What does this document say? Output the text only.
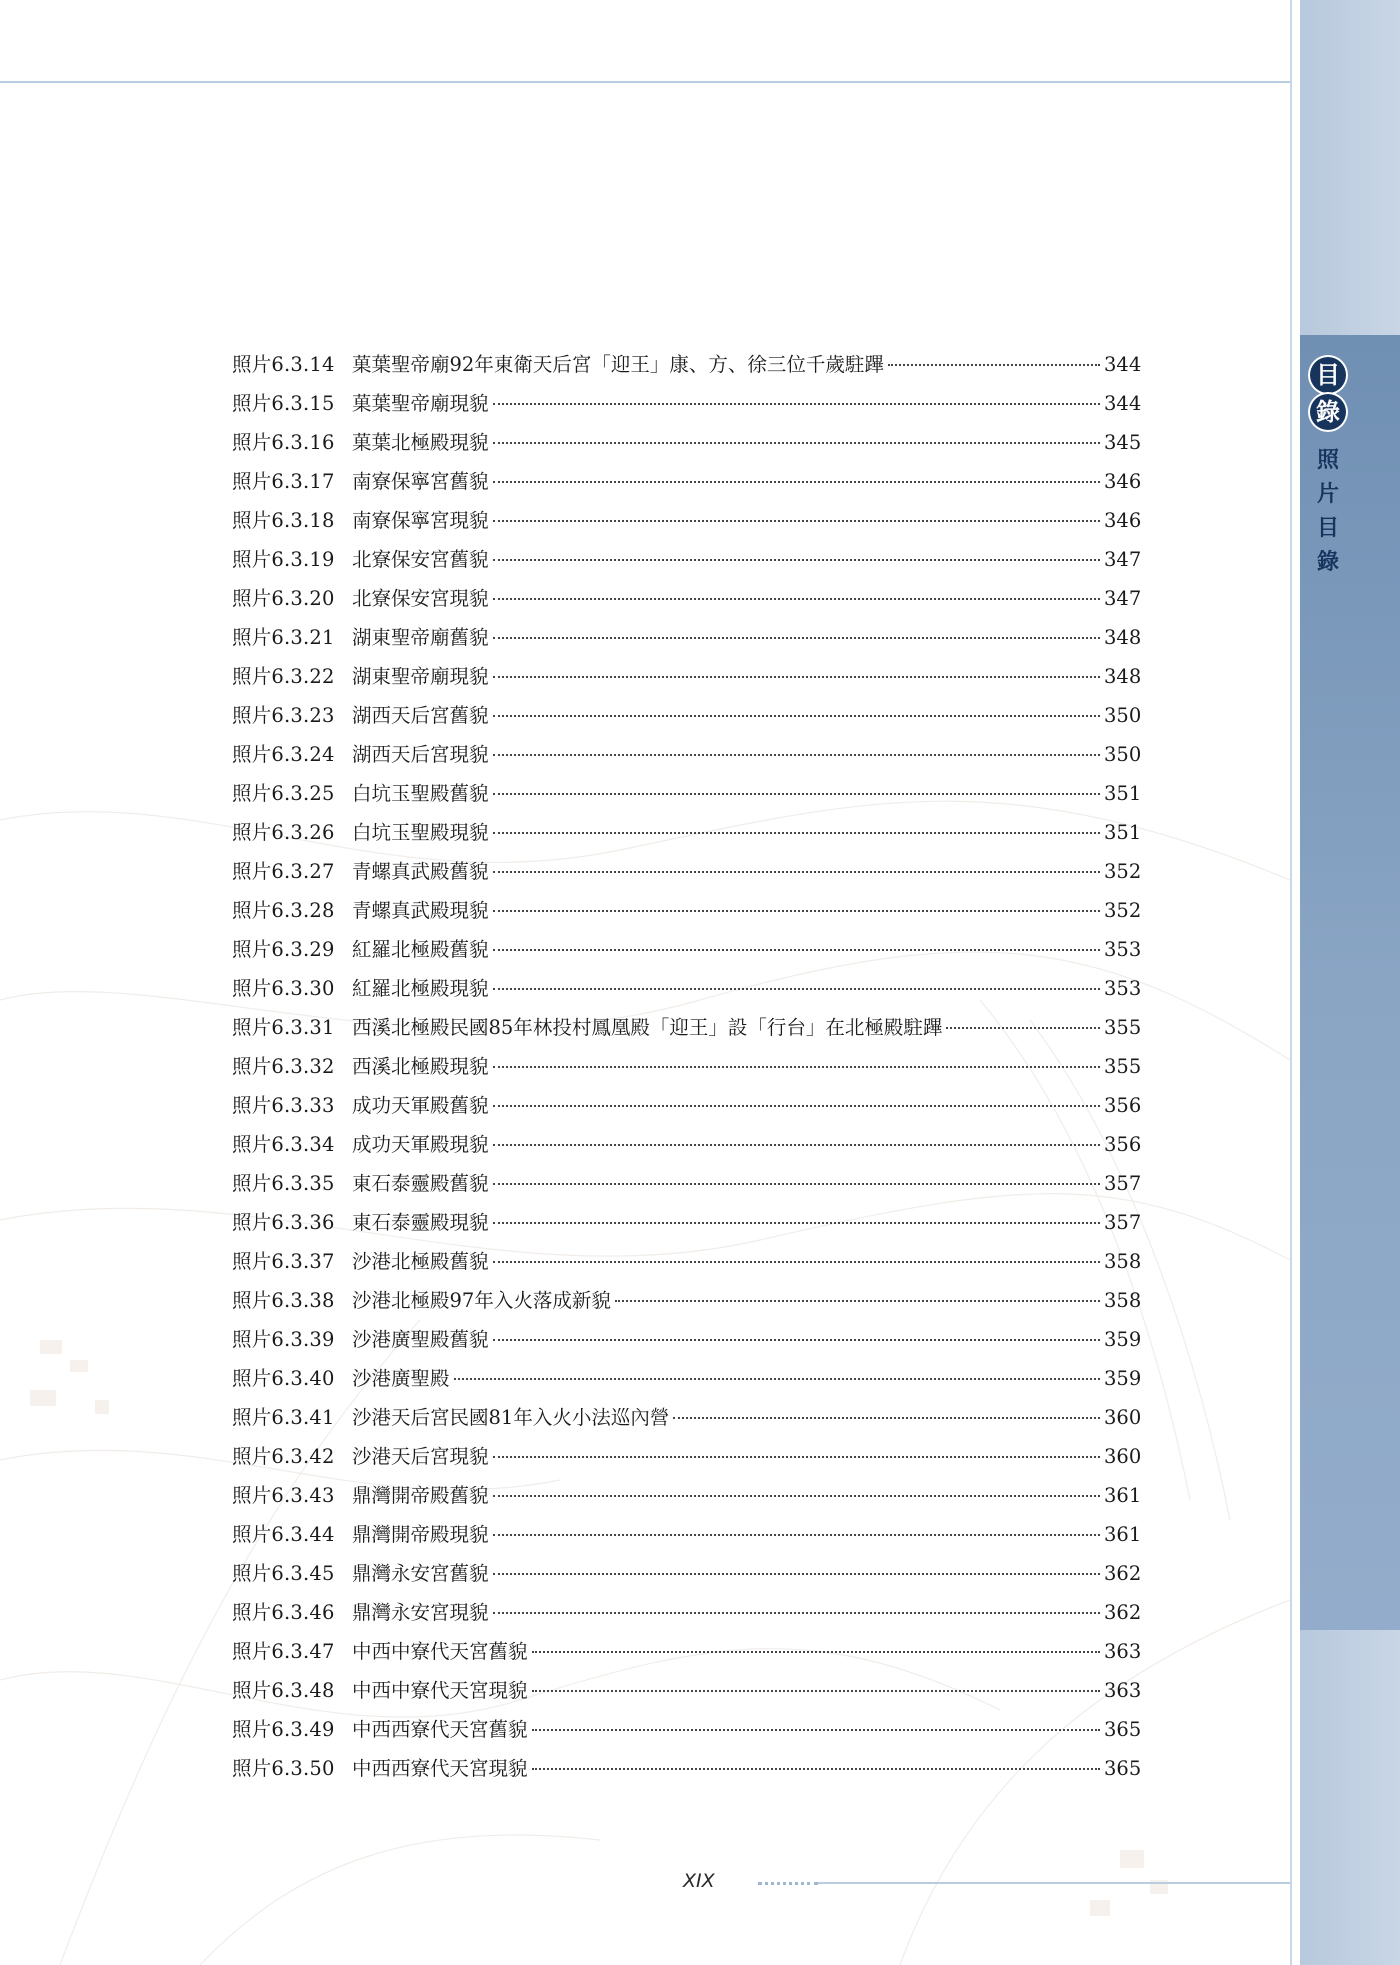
目
錄
照
片
目
錄
照片6.3.14 菓葉聖帝廟92年東衛天后宮「迎王」康、方、徐三位千歲駐蹕	344
照片6.3.15 菓葉聖帝廟現貌	344
照片6.3.16 菓葉北極殿現貌	345
照片6.3.17 南寮保寧宮舊貌	346
照片6.3.18 南寮保寧宮現貌	346
照片6.3.19 北寮保安宮舊貌	347
照片6.3.20 北寮保安宮現貌	347
照片6.3.21 湖東聖帝廟舊貌	348
照片6.3.22 湖東聖帝廟現貌	348
照片6.3.23 湖西天后宮舊貌	350
照片6.3.24 湖西天后宮現貌	350
照片6.3.25 白坑玉聖殿舊貌	351
照片6.3.26 白坑玉聖殿現貌	351
照片6.3.27 青螺真武殿舊貌	352
照片6.3.28 青螺真武殿現貌	352
照片6.3.29 紅羅北極殿舊貌	353
照片6.3.30 紅羅北極殿現貌	353
照片6.3.31 西溪北極殿民國85年林投村鳳凰殿「迎王」設「行台」在北極殿駐蹕	355
照片6.3.32 西溪北極殿現貌	355
照片6.3.33 成功天軍殿舊貌	356
照片6.3.34 成功天軍殿現貌	356
照片6.3.35 東石泰靈殿舊貌	357
照片6.3.36 東石泰靈殿現貌	357
照片6.3.37 沙港北極殿舊貌	358
照片6.3.38 沙港北極殿97年入火落成新貌	358
照片6.3.39 沙港廣聖殿舊貌	359
照片6.3.40 沙港廣聖殿	359
照片6.3.41 沙港天后宮民國81年入火小法巡內營	360
照片6.3.42 沙港天后宮現貌	360
照片6.3.43 鼎灣開帝殿舊貌	361
照片6.3.44 鼎灣開帝殿現貌	361
照片6.3.45 鼎灣永安宮舊貌	362
照片6.3.46 鼎灣永安宮現貌	362
照片6.3.47 中西中寮代天宮舊貌	363
照片6.3.48 中西中寮代天宮現貌	363
照片6.3.49 中西西寮代天宮舊貌	365
照片6.3.50 中西西寮代天宮現貌	365
XIX
